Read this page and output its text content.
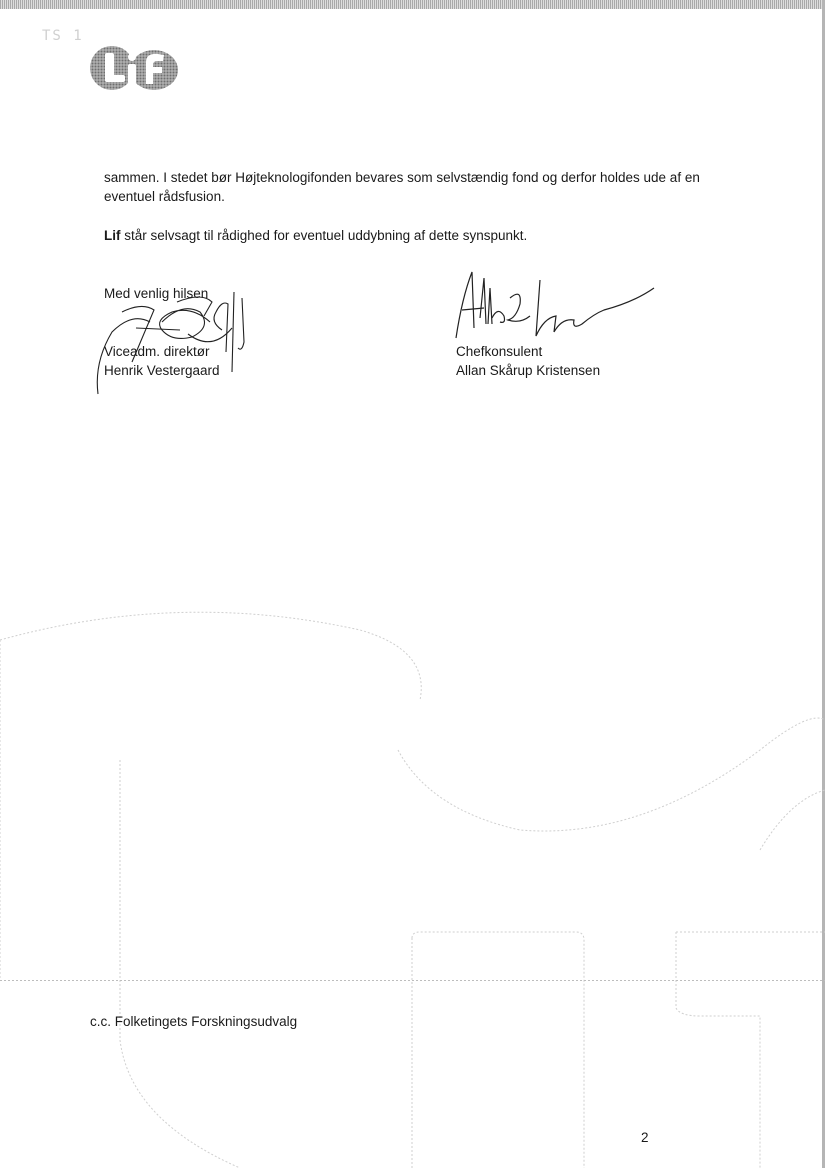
TS 1
sammen. I stedet bør Højteknologifonden bevares som selvstændig fond og derfor holdes ude af en eventuel rådsfusion.
Lif står selvsagt til rådighed for eventuel uddybning af dette synspunkt.
Med venlig hilsen
Viceadm. direktør
Henrik Vestergaard
Chefkonsulent
Allan Skårup Kristensen
c.c. Folketingets Forskningsudvalg
2
